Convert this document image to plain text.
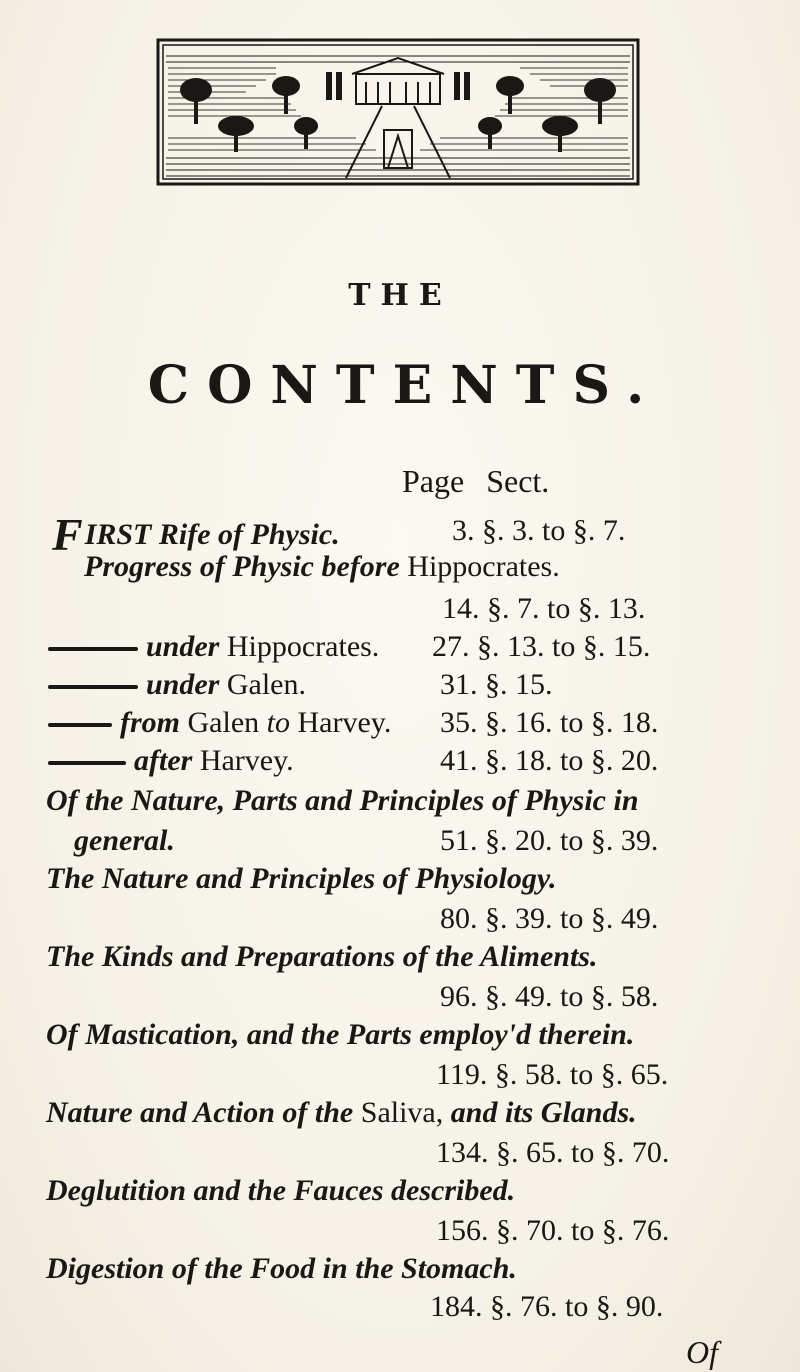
THE
CONTENTS.
Page Sect.
FIRST Rife of Physic.	3. §. 3. to §. 7.
Progress of Physic before Hippocrates.
14. §. 7. to §. 13.
under Hippocrates. 27. §. 13. to §. 15.
under Galen.	31. §. 15.
from Galen to Harvey. 35. §. 16. to §. 18.
after Harvey.	41. §. 18. to §. 20.
Of the Nature, Parts and Principles of Physic in
general.	51. §. 20. to §. 39.
The Nature and Principles of Physiology.
80. §. 39. to §. 49.
The Kinds and Preparations of the Aliments.
96. §. 49. to §. 58.
Of Mastication, and the Parts employ'd therein.
119. §. 58. to §. 65.
Nature and Action of the Saliva, and its Glands.
134. §. 65. to §. 70.
Deglutition and the Fauces described.
156. §. 70. to §. 76.
Digestion of the Food in the Stomach.
184. §. 76. to §. 90.
Of
